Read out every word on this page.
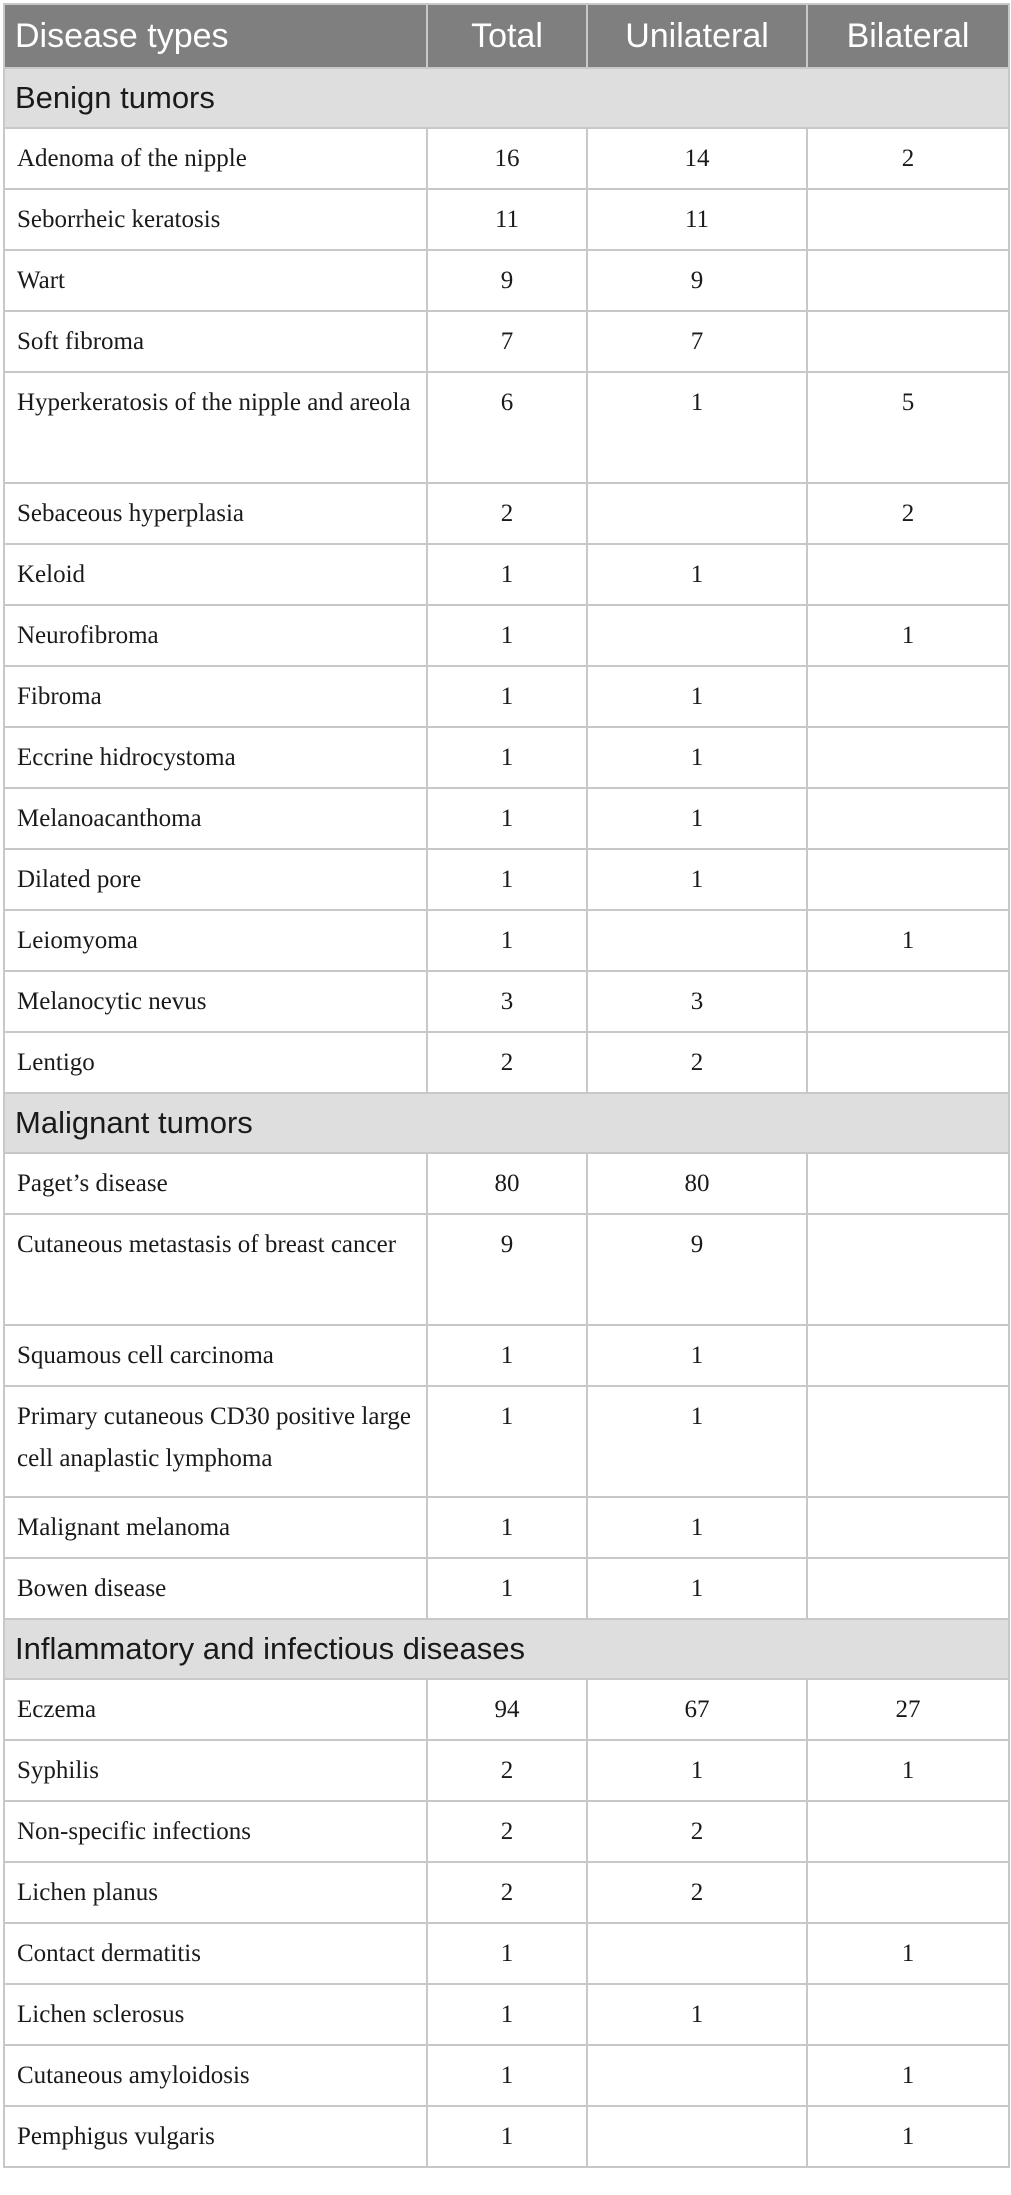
Disease types	Total	Unilateral	Bilateral
Benign tumors			
Adenoma of the nipple	16	14	2
Seborrheic keratosis	11	11	
Wart	9	9	
Soft fibroma	7	7	
Hyperkeratosis of the nipple and areola	6	1	5
Sebaceous hyperplasia	2		2
Keloid	1	1	
Neurofibroma	1		1
Fibroma	1	1	
Eccrine hidrocystoma	1	1	
Melanoacanthoma	1	1	
Dilated pore	1	1	
Leiomyoma	1		1
Melanocytic nevus	3	3	
Lentigo	2	2	
Malignant tumors			
Paget’s disease	80	80	
Cutaneous metastasis of breast cancer	9	9	
Squamous cell carcinoma	1	1	
Primary cutaneous CD30 positive large cell anaplastic lymphoma	1	1	
Malignant melanoma	1	1	
Bowen disease	1	1	
Inflammatory and infectious diseases			
Eczema	94	67	27
Syphilis	2	1	1
Non-specific infections	2	2	
Lichen planus	2	2	
Contact dermatitis	1		1
Lichen sclerosus	1	1	
Cutaneous amyloidosis	1		1
Pemphigus vulgaris	1		1
